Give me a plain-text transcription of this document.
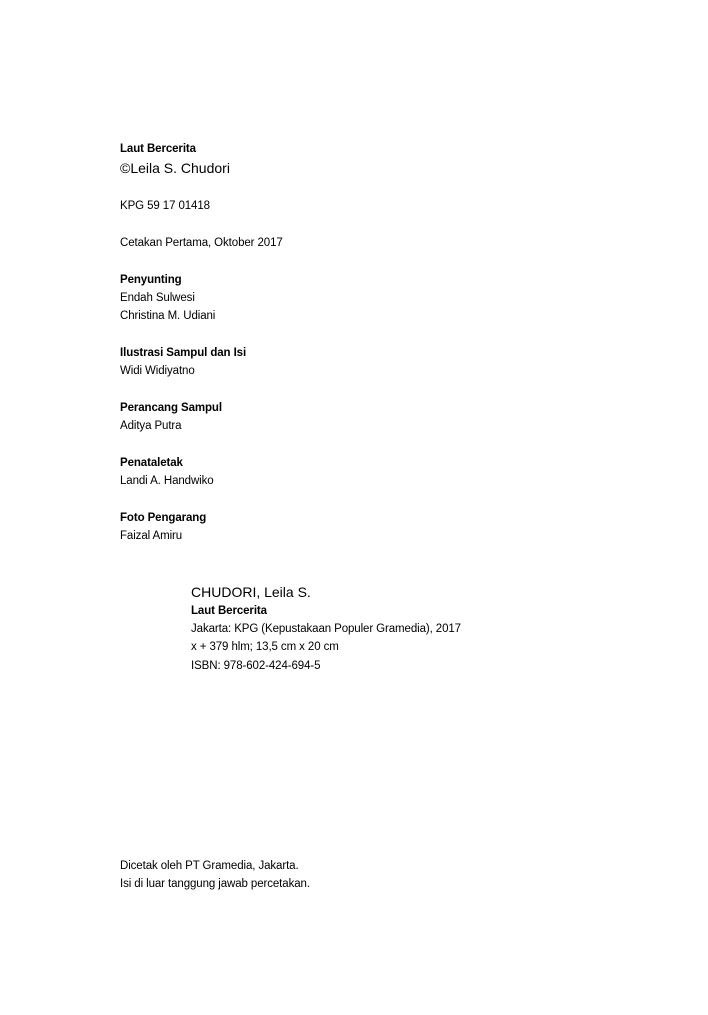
Laut Bercerita
©Leila S. Chudori
KPG 59 17 01418
Cetakan Pertama, Oktober 2017
Penyunting
Endah Sulwesi
Christina M. Udiani
Ilustrasi Sampul dan Isi
Widi Widiyatno
Perancang Sampul
Aditya Putra
Penataletak
Landi A. Handwiko
Foto Pengarang
Faizal Amiru
CHUDORI, Leila S.
Laut Bercerita
Jakarta: KPG (Kepustakaan Populer Gramedia), 2017
x + 379 hlm; 13,5 cm x 20 cm
ISBN: 978-602-424-694-5
Dicetak oleh PT Gramedia, Jakarta.
Isi di luar tanggung jawab percetakan.
